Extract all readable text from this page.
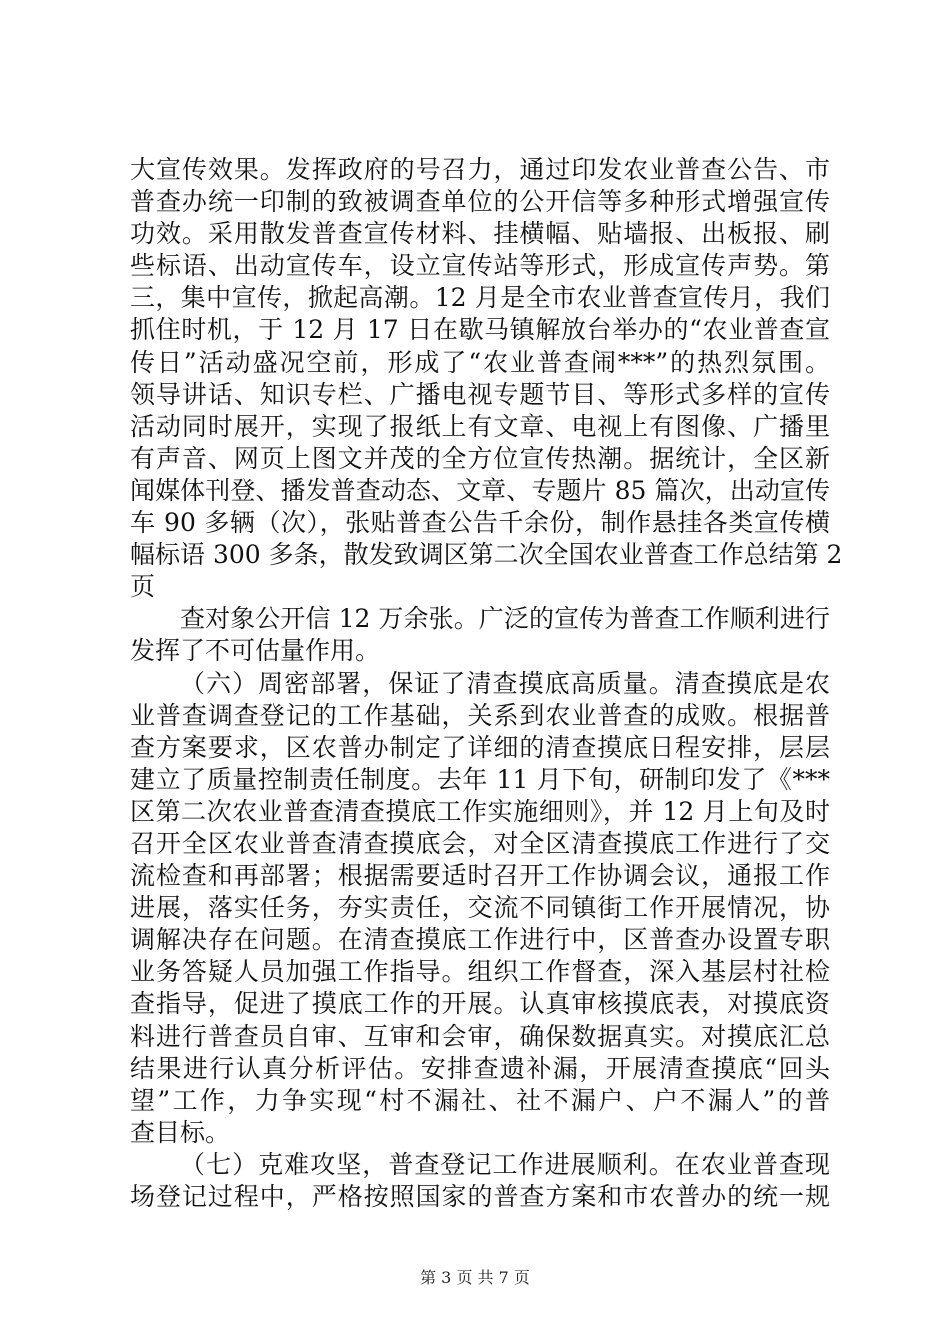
大宣传效果。发挥政府的号召力，通过印发农业普查公告、市
普查办统一印制的致被调查单位的公开信等多种形式增强宣传
功效。采用散发普查宣传材料、挂横幅、贴墙报、出板报、刷
些标语、出动宣传车，设立宣传站等形式，形成宣传声势。第
三，集中宣传，掀起高潮。12 月是全市农业普查宣传月，我们
抓住时机，于 12 月 17 日在歇马镇解放台举办的“农业普查宣
传日”活动盛况空前，形成了“农业普查闹***”的热烈氛围。
领导讲话、知识专栏、广播电视专题节目、等形式多样的宣传
活动同时展开，实现了报纸上有文章、电视上有图像、广播里
有声音、网页上图文并茂的全方位宣传热潮。据统计，全区新
闻媒体刊登、播发普查动态、文章、专题片 85 篇次，出动宣传
车 90 多辆（次），张贴普查公告千余份，制作悬挂各类宣传横
幅标语 300 多条，散发致调区第二次全国农业普查工作总结第 2
页
查对象公开信 12 万余张。广泛的宣传为普查工作顺利进行
发挥了不可估量作用。
（六）周密部署，保证了清查摸底高质量。清查摸底是农
业普查调查登记的工作基础，关系到农业普查的成败。根据普
查方案要求，区农普办制定了详细的清查摸底日程安排，层层
建立了质量控制责任制度。去年 11 月下旬，研制印发了《***
区第二次农业普查清查摸底工作实施细则》，并 12 月上旬及时
召开全区农业普查清查摸底会，对全区清查摸底工作进行了交
流检查和再部署；根据需要适时召开工作协调会议，通报工作
进展，落实任务，夯实责任，交流不同镇街工作开展情况，协
调解决存在问题。在清查摸底工作进行中，区普查办设置专职
业务答疑人员加强工作指导。组织工作督查，深入基层村社检
查指导，促进了摸底工作的开展。认真审核摸底表，对摸底资
料进行普查员自审、互审和会审，确保数据真实。对摸底汇总
结果进行认真分析评估。安排查遗补漏，开展清查摸底“回头
望”工作，力争实现“村不漏社、社不漏户、户不漏人”的普
查目标。
（七）克难攻坚，普查登记工作进展顺利。在农业普查现
场登记过程中，严格按照国家的普查方案和市农普办的统一规
第 3 页 共 7 页
